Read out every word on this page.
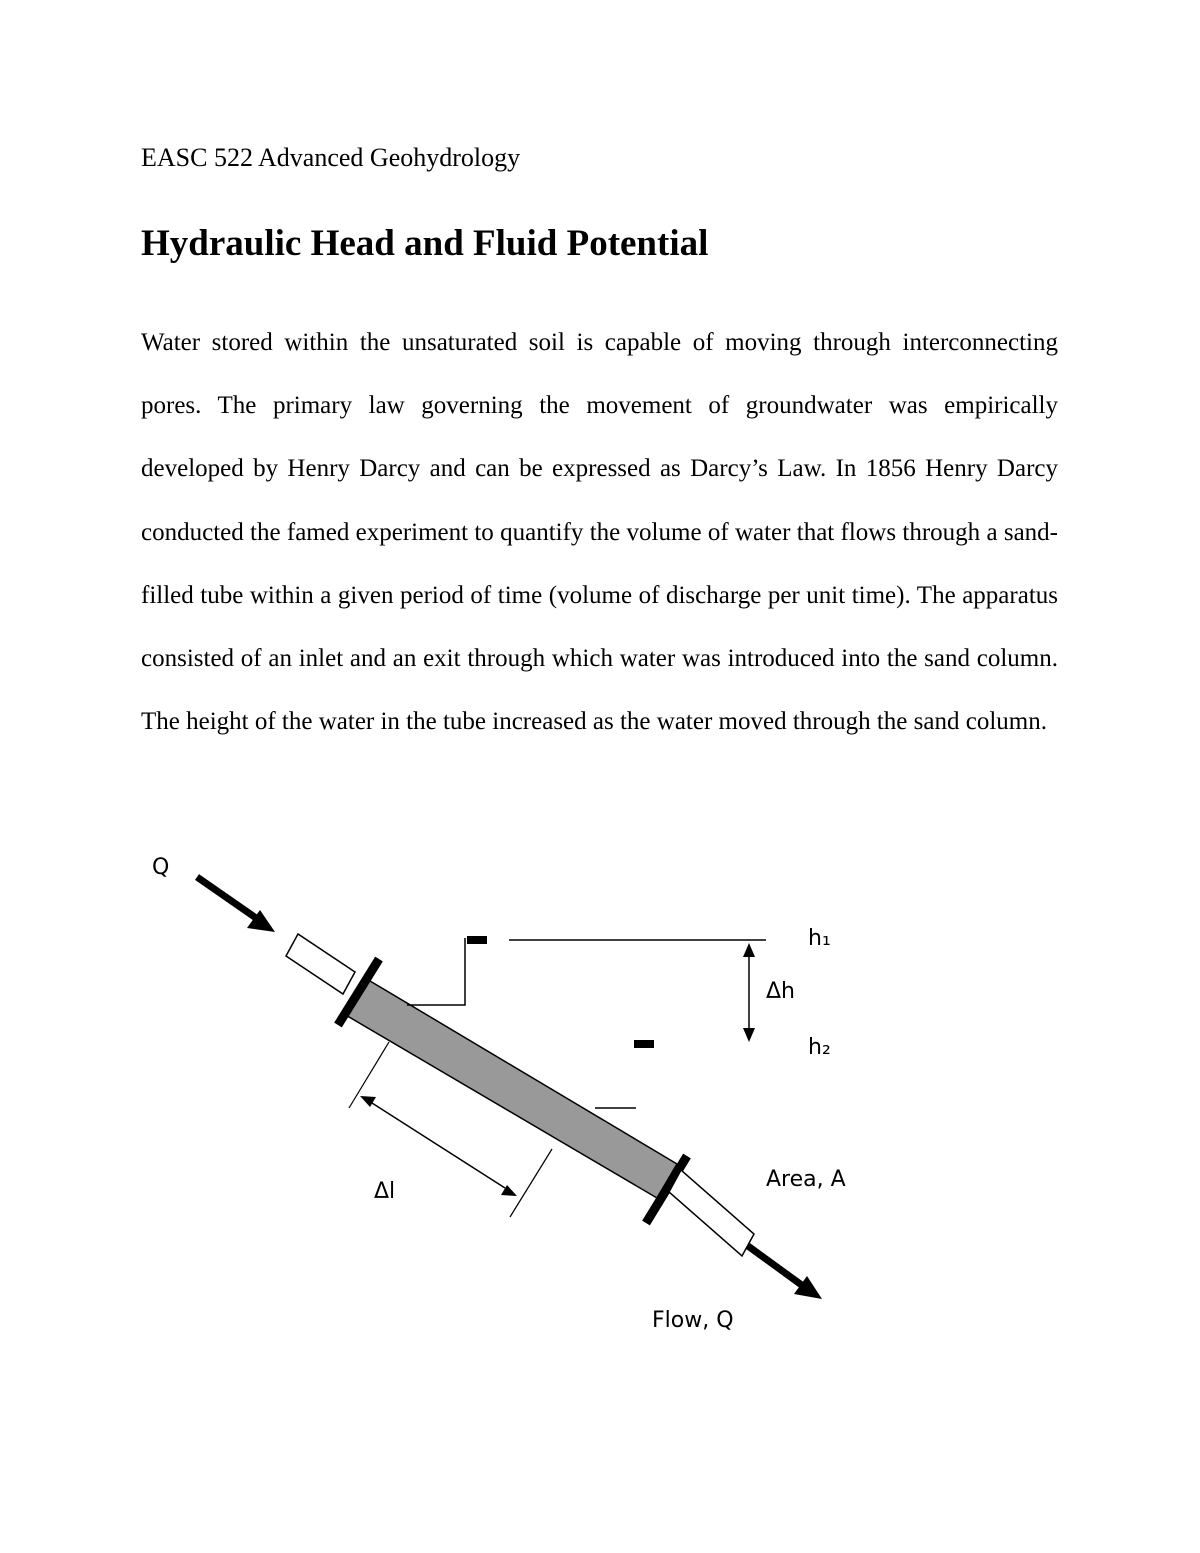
EASC 522 Advanced Geohydrology
Hydraulic Head and Fluid Potential

Water stored within the unsaturated soil is capable of moving through interconnecting pores. The primary law governing the movement of groundwater was empirically developed by Henry Darcy and can be expressed as Darcy’s Law. In 1856 Henry Darcy conducted the famed experiment to quantify the volume of water that flows through a sand-filled tube within a given period of time (volume of discharge per unit time). The apparatus consisted of an inlet and an exit through which water was introduced into the sand column. The height of the water in the tube increased as the water moved through the sand column.

Q
h₁
Δh
h₂
Δl	Area, A
Flow, Q
